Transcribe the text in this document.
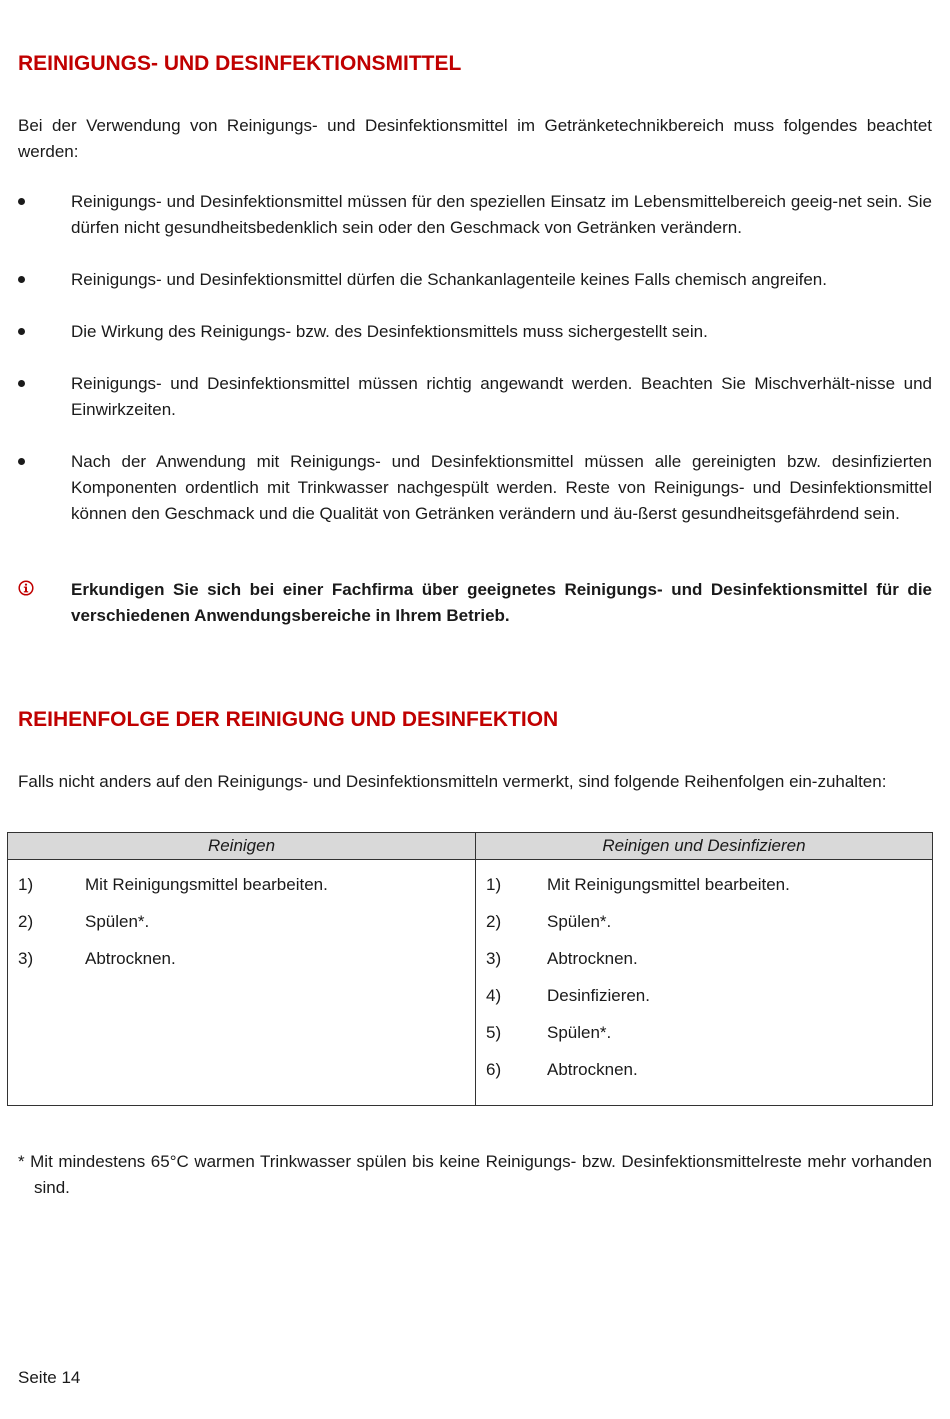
REINIGUNGS- UND DESINFEKTIONSMITTEL

Bei der Verwendung von Reinigungs- und Desinfektionsmittel im Getränketechnikbereich muss folgendes beachtet werden:

Reinigungs- und Desinfektionsmittel müssen für den speziellen Einsatz im Lebensmittelbereich geeig-net sein. Sie dürfen nicht gesundheitsbedenklich sein oder den Geschmack von Getränken verändern.
Reinigungs- und Desinfektionsmittel dürfen die Schankanlagenteile keines Falls chemisch angreifen.
Die Wirkung des Reinigungs- bzw. des Desinfektionsmittels muss sichergestellt sein.
Reinigungs- und Desinfektionsmittel müssen richtig angewandt werden. Beachten Sie Mischverhält-nisse und Einwirkzeiten.
Nach der Anwendung mit Reinigungs- und Desinfektionsmittel müssen alle gereinigten bzw. desinfizierten Komponenten ordentlich mit Trinkwasser nachgespült werden. Reste von Reinigungs- und Desinfektionsmittel können den Geschmack und die Qualität von Getränken verändern und äu-ßerst gesundheitsgefährdend sein.
Erkundigen Sie sich bei einer Fachfirma über geeignetes Reinigungs- und Desinfektionsmittel für die verschiedenen Anwendungsbereiche in Ihrem Betrieb.
REIHENFOLGE DER REINIGUNG UND DESINFEKTION

Falls nicht anders auf den Reinigungs- und Desinfektionsmitteln vermerkt, sind folgende Reihenfolgen ein-zuhalten:

Reinigen
1)	Mit Reinigungsmittel bearbeiten.
2)	Spülen*.
3)	Abtrocknen.
Reinigen und Desinfizieren
1)	Mit Reinigungsmittel bearbeiten.
2)	Spülen*.
3)	Abtrocknen.
4)	Desinfizieren.
5)	Spülen*.
6)	Abtrocknen.

* Mit mindestens 65°C warmen Trinkwasser spülen bis keine Reinigungs- bzw. Desinfektionsmittelreste mehr vorhanden sind.

Seite 14
